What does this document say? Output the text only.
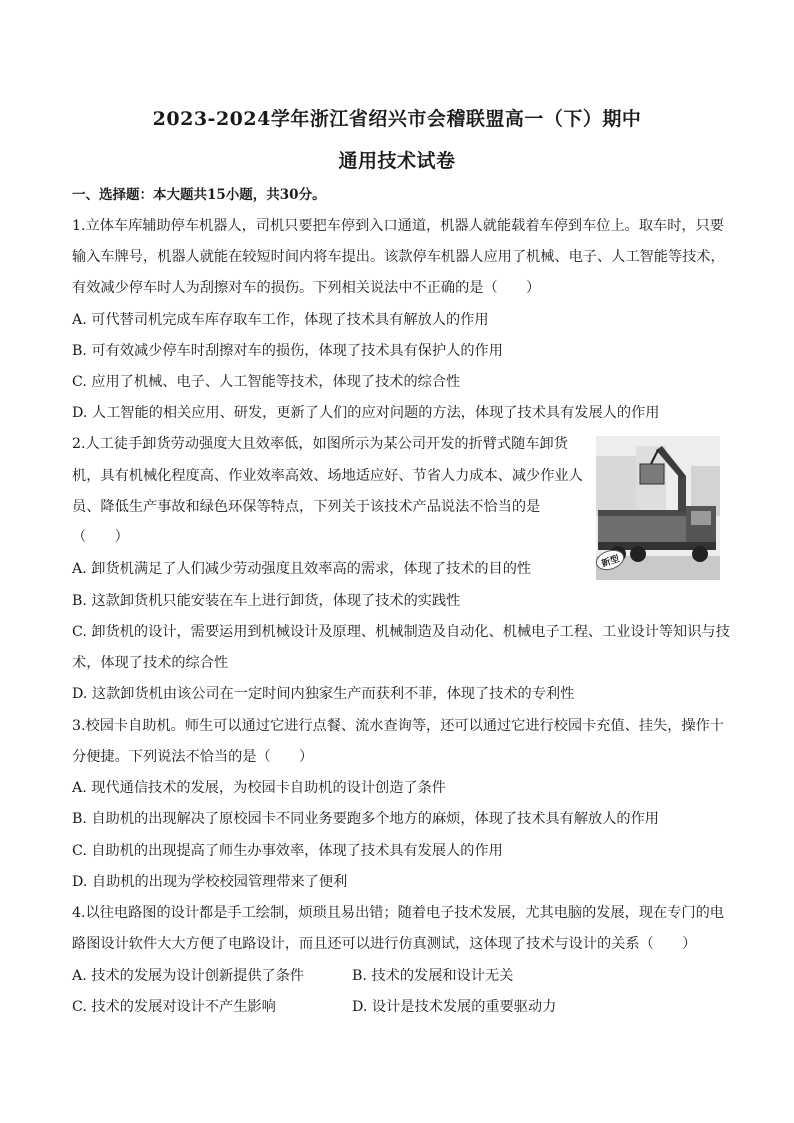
2023-2024学年浙江省绍兴市会稽联盟高一（下）期中
通用技术试卷
一、选择题：本大题共15小题，共30分。
1.立体车库辅助停车机器人，司机只要把车停到入口通道，机器人就能载着车停到车位上。取车时，只要
输入车牌号，机器人就能在较短时间内将车提出。该款停车机器人应用了机械、电子、人工智能等技术，
有效减少停车时人为刮擦对车的损伤。下列相关说法中不正确的是（　　）
A. 可代替司机完成车库存取车工作，体现了技术具有解放人的作用
B. 可有效减少停车时刮擦对车的损伤，体现了技术具有保护人的作用
C. 应用了机械、电子、人工智能等技术，体现了技术的综合性
D. 人工智能的相关应用、研发，更新了人们的应对问题的方法，体现了技术具有发展人的作用
2.人工徒手卸货劳动强度大且效率低，如图所示为某公司开发的折臂式随车卸货
机，具有机械化程度高、作业效率高效、场地适应好、节省人力成本、减少作业人
员、降低生产事故和绿色环保等特点，下列关于该技术产品说法不恰当的是
（　　）
新型
A. 卸货机满足了人们减少劳动强度且效率高的需求，体现了技术的目的性
B. 这款卸货机只能安装在车上进行卸货，体现了技术的实践性
C. 卸货机的设计，需要运用到机械设计及原理、机械制造及自动化、机械电子工程、工业设计等知识与技
术，体现了技术的综合性
D. 这款卸货机由该公司在一定时间内独家生产而获利不菲，体现了技术的专利性
3.校园卡自助机。师生可以通过它进行点餐、流水查询等，还可以通过它进行校园卡充值、挂失，操作十
分便捷。下列说法不恰当的是（　　）
A. 现代通信技术的发展，为校园卡自助机的设计创造了条件
B. 自助机的出现解决了原校园卡不同业务要跑多个地方的麻烦，体现了技术具有解放人的作用
C. 自助机的出现提高了师生办事效率，体现了技术具有发展人的作用
D. 自助机的出现为学校校园管理带来了便利
4.以往电路图的设计都是手工绘制，烦琐且易出错；随着电子技术发展，尤其电脑的发展，现在专门的电
路图设计软件大大方便了电路设计，而且还可以进行仿真测试，这体现了技术与设计的关系（　　）
A. 技术的发展为设计创新提供了条件	B. 技术的发展和设计无关
C. 技术的发展对设计不产生影响	D. 设计是技术发展的重要驱动力
